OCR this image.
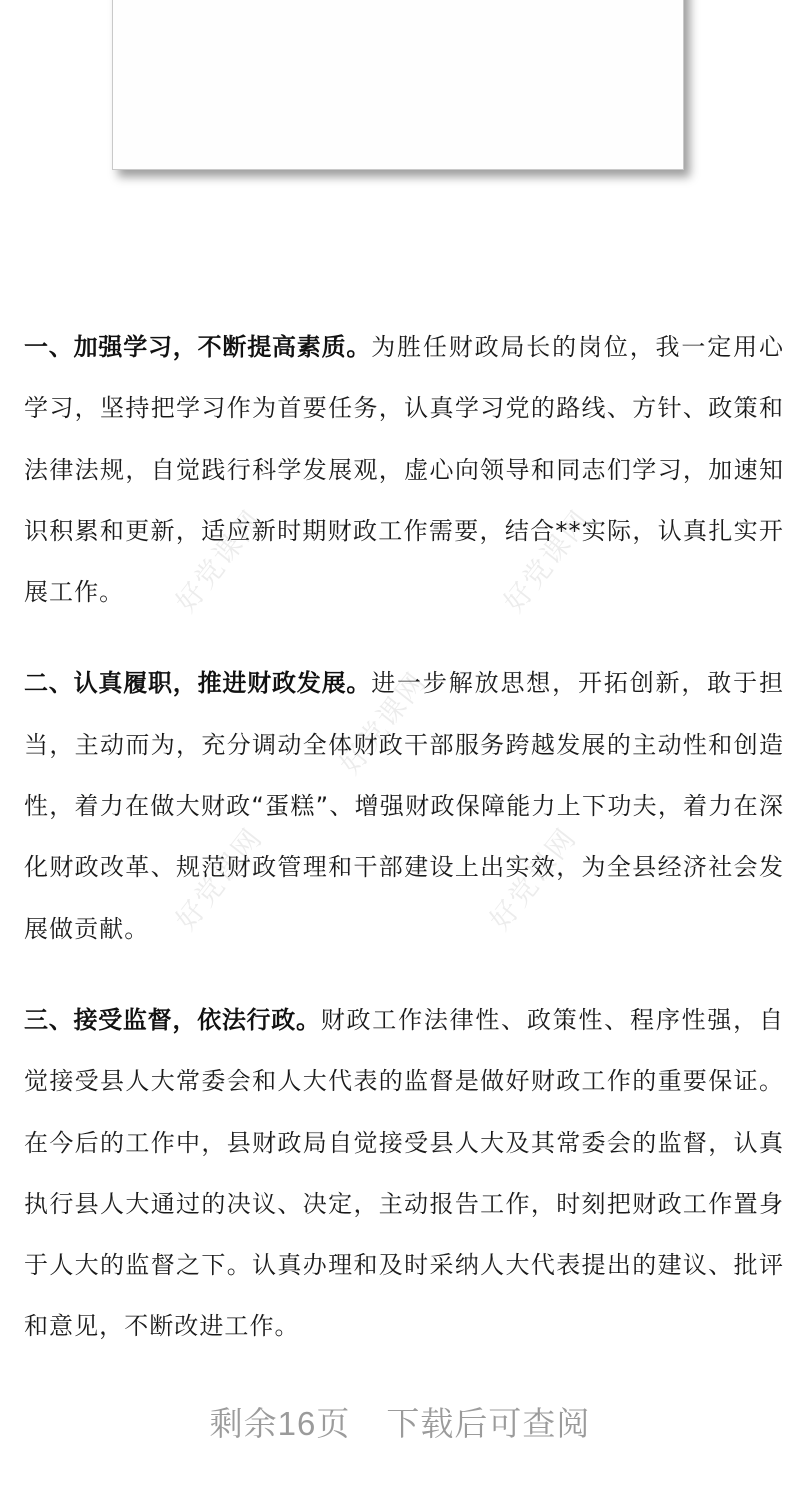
好党课网	好党课网
好党课网
好党课网	好党课网

一、加强学习，不断提高素质。为胜任财政局长的岗位，我一定用心学习，坚持把学习作为首要任务，认真学习党的路线、方针、政策和法律法规，自觉践行科学发展观，虚心向领导和同志们学习，加速知识积累和更新，适应新时期财政工作需要，结合**实际，认真扎实开展工作。

二、认真履职，推进财政发展。进一步解放思想，开拓创新，敢于担当，主动而为，充分调动全体财政干部服务跨越发展的主动性和创造性，着力在做大财政“蛋糕”、增强财政保障能力上下功夫，着力在深化财政改革、规范财政管理和干部建设上出实效，为全县经济社会发展做贡献。

三、接受监督，依法行政。财政工作法律性、政策性、程序性强，自觉接受县人大常委会和人大代表的监督是做好财政工作的重要保证。在今后的工作中，县财政局自觉接受县人大及其常委会的监督，认真执行县人大通过的决议、决定，主动报告工作，时刻把财政工作置身于人大的监督之下。认真办理和及时采纳人大代表提出的建议、批评和意见，不断改进工作。

剩余16页 下载后可查阅
